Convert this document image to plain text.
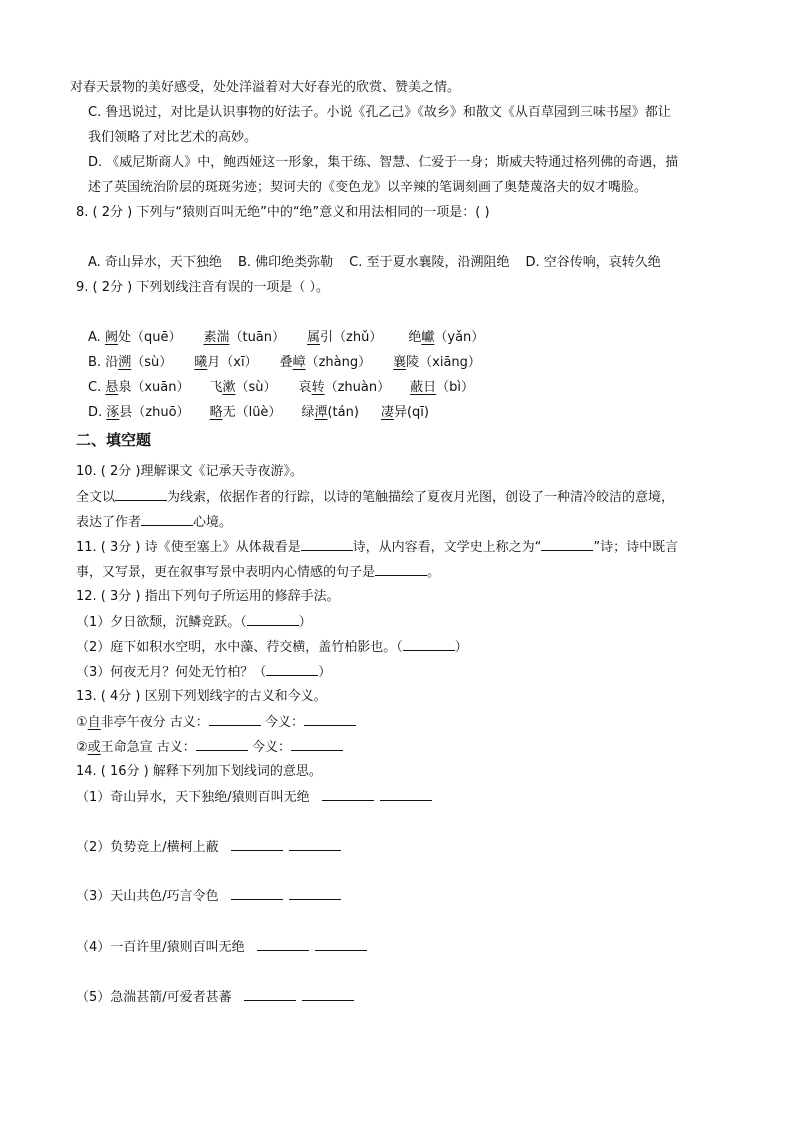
对春天景物的美好感受，处处洋溢着对大好春光的欣赏、赞美之情。
C. 鲁迅说过，对比是认识事物的好法子。小说《孔乙己》《故乡》和散文《从百草园到三味书屋》都让
我们领略了对比艺术的高妙。
D. 《威尼斯商人》中，鲍西娅这一形象，集干练、智慧、仁爱于一身；斯威夫特通过格列佛的奇遇，描
述了英国统治阶层的斑斑劣迹；契诃夫的《变色龙》以辛辣的笔调刻画了奥楚蔑洛夫的奴才嘴脸。
8. ( 2分 ) 下列与“猿则百叫无绝”中的“绝”意义和用法相同的一项是：( )
A. 奇山异水，天下独绝 B. 佛印绝类弥勒 C. 至于夏水襄陵，沿溯阻绝 D. 空谷传响，哀转久绝
9. ( 2分 ) 下列划线注音有误的一项是（ ）。
A. 阙处（quē） 素湍（tuān） 属引（zhǔ） 绝巘（yǎn）
B. 沿溯（sù） 曦月（xī） 叠嶂（zhàng） 襄陵（xiāng）
C. 悬泉（xuān） 飞漱（sù） 哀转（zhuàn） 蔽日（bì）
D. 涿县（zhuō） 略无（lüè） 绿潭(tán) 凄异(qī)
二、填空题
10. ( 2分 )理解课文《记承天寺夜游》。
全文以	为线索，依据作者的行踪，以诗的笔触描绘了夏夜月光图，创设了一种清冷皎洁的意境，
表达了作者	心境。
11. ( 3分 ) 诗《使至塞上》从体裁看是	诗，从内容看，文学史上称之为“	”诗；诗中既言
事，又写景，更在叙事写景中表明内心情感的句子是	。
12. ( 3分 ) 指出下列句子所运用的修辞手法。
（1）夕日欲颓，沉鳞竞跃。（	）
（2）庭下如积水空明，水中藻、荇交横，盖竹柏影也。（	）
（3）何夜无月？何处无竹柏？（	）
13. ( 4分 ) 区别下列划线字的古义和今义。
①自非亭午夜分 古义：	今义：
②或王命急宣 古义：	今义：
14. ( 16分 ) 解释下列加下划线词的意思。
（1）奇山异水，天下独绝/猿则百叫无绝
（2）负势竞上/横柯上蔽
（3）天山共色/巧言令色
（4）一百许里/猿则百叫无绝
（5）急湍甚箭/可爱者甚蕃
